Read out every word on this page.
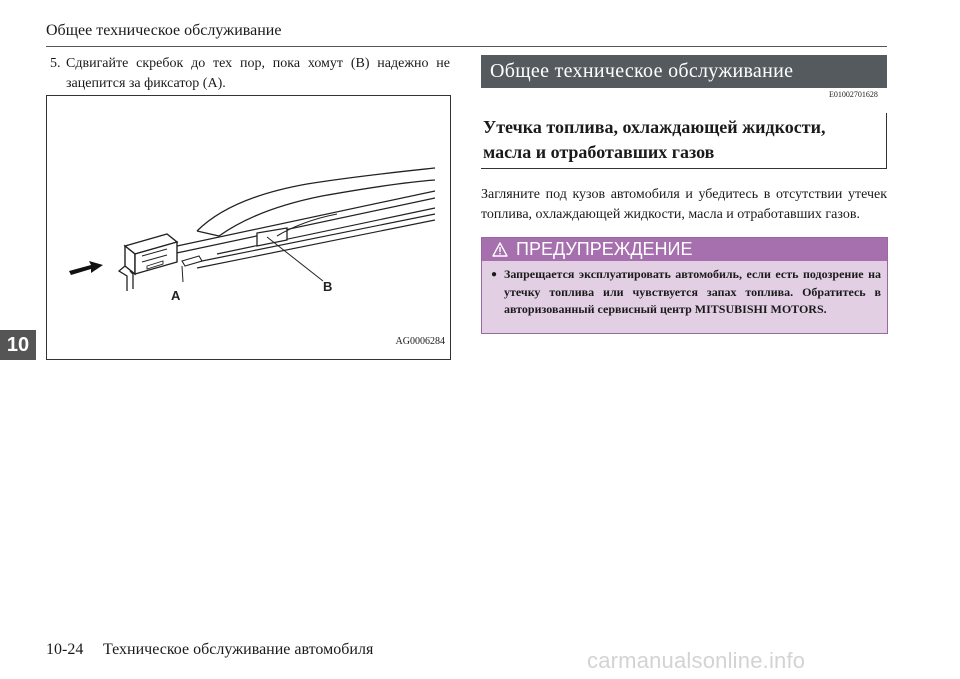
Общее техническое обслуживание
5. Сдвигайте скребок до тех пор, пока хомут (B) надежно не зацепится за фиксатор (A).
A
B
AG0006284
10
Общее техническое обслуживание
E01002701628
Утечка топлива, охлаждающей жидкости, масла и отработавших газов
Загляните под кузов автомобиля и убедитесь в отсутствии утечек топлива, охлаждающей жидкости, масла и отработавших газов.
ПРЕДУПРЕЖДЕНИЕ
● Запрещается эксплуатировать автомобиль, если есть подозрение на утечку топлива или чувствуется запах топлива. Обратитесь в авторизованный сервисный центр MITSUBISHI MOTORS.
10-24 Техническое обслуживание автомобиля	carmanualsonline.info
